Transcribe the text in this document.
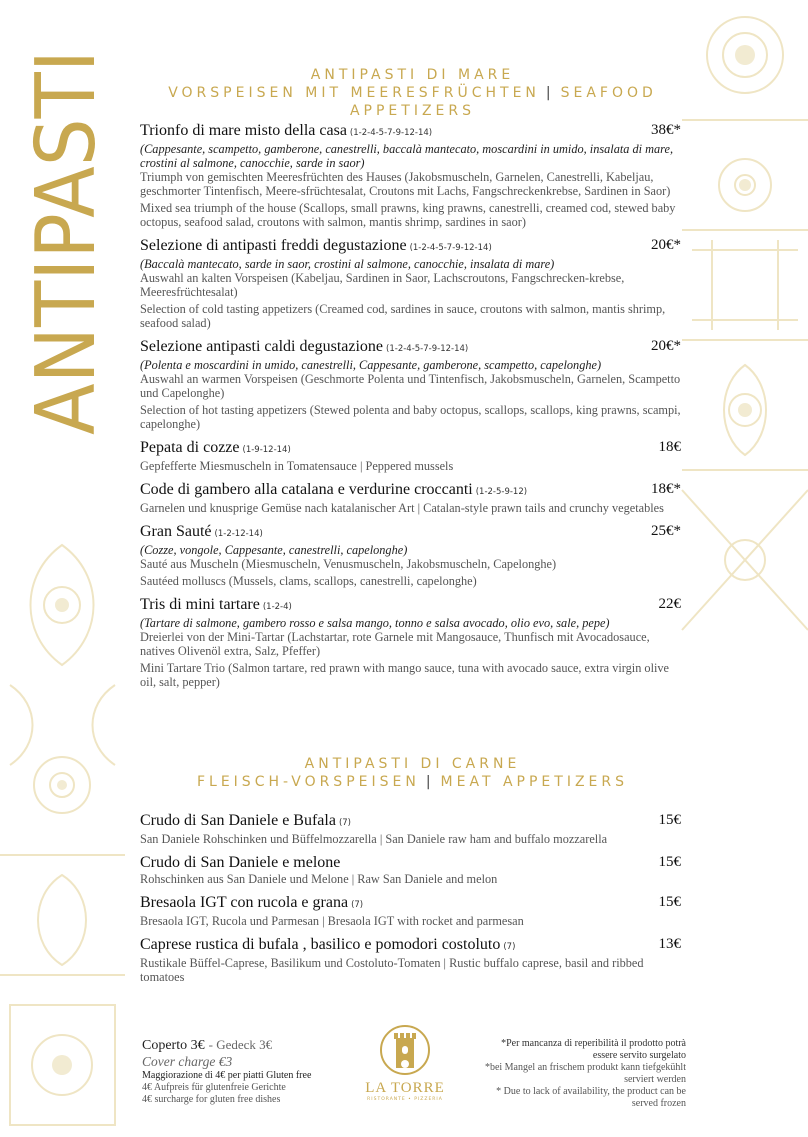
ANTIPASTI	ANTIPASTI DI MARE
VORSPEISEN MIT MEERESFRÜCHTEN | SEAFOOD APPETIZERS
Trionfo di mare misto della casa (1-2-4-5-7-9-12-14)	38€*
(Cappesante, scampetto, gamberone, canestrelli, baccalà mantecato, moscardini in umido, insalata di mare, crostini al salmone, canocchie, sarde in saor)
Triumph von gemischten Meeresfrüchten des Hauses (Jakobsmuscheln, Garnelen, Canestrelli, Kabeljau, geschmorter Tintenfisch, Meere-sfrüchtesalat, Croutons mit Lachs, Fangschreckenkrebse, Sardinen in Saor)
Mixed sea triumph of the house (Scallops, small prawns, king prawns, canestrelli, creamed cod, stewed baby octopus, seafood salad, croutons with salmon, mantis shrimp, sardines in saor)
Selezione di antipasti freddi degustazione (1-2-4-5-7-9-12-14)	20€*
(Baccalà mantecato, sarde in saor, crostini al salmone, canocchie, insalata di mare)
Auswahl an kalten Vorspeisen (Kabeljau, Sardinen in Saor, Lachscroutons, Fangschrecken-krebse, Meeresfrüchtesalat)
Selection of cold tasting appetizers (Creamed cod, sardines in sauce, croutons with salmon, mantis shrimp, seafood salad)
Selezione antipasti caldi degustazione (1-2-4-5-7-9-12-14)	20€*
(Polenta e moscardini in umido, canestrelli, Cappesante, gamberone, scampetto, capelonghe)
Auswahl an warmen Vorspeisen (Geschmorte Polenta und Tintenfisch, Jakobsmuscheln, Garnelen, Scampetto und Capelonghe)
Selection of hot tasting appetizers (Stewed polenta and baby octopus, scallops, scallops, king prawns, scampi, capelonghe)
Pepata di cozze (1-9-12-14)	18€
Gepfefferte Miesmuscheln in Tomatensauce | Peppered mussels
Code di gambero alla catalana e verdurine croccanti (1-2-5-9-12)	18€*
Garnelen und knusprige Gemüse nach katalanischer Art | Catalan-style prawn tails and crunchy vegetables
Gran Sauté (1-2-12-14)	25€*
(Cozze, vongole, Cappesante, canestrelli, capelonghe)
Sauté aus Muscheln (Miesmuscheln, Venusmuscheln, Jakobsmuscheln, Capelonghe)
Sautéed molluscs (Mussels, clams, scallops, canestrelli, capelonghe)
Tris di mini tartare (1-2-4)	22€
(Tartare di salmone, gambero rosso e salsa mango, tonno e salsa avocado, olio evo, sale, pepe)
Dreierlei von der Mini-Tartar (Lachstartar, rote Garnele mit Mangosauce, Thunfisch mit Avocadosauce, natives Olivenöl extra, Salz, Pfeffer)
Mini Tartare Trio (Salmon tartare, red prawn with mango sauce, tuna with avocado sauce, extra virgin olive oil, salt, pepper)
ANTIPASTI DI CARNE
FLEISCH-VORSPEISEN | MEAT APPETIZERS
Crudo di San Daniele e Bufala (7)	15€
San Daniele Rohschinken und Büffelmozzarella | San Daniele raw ham and buffalo mozzarella
Crudo di San Daniele e melone	15€
Rohschinken aus San Daniele und Melone | Raw San Daniele and melon
Bresaola IGT con rucola e grana (7)	15€
Bresaola IGT, Rucola und Parmesan | Bresaola IGT with rocket and parmesan
Caprese rustica di bufala , basilico e pomodori costoluto (7)	13€
Rustikale Büffel-Caprese, Basilikum und Costoluto-Tomaten | Rustic buffalo caprese, basil and ribbed tomatoes
Coperto 3€ - Gedeck 3€
Cover charge €3
Maggiorazione di 4€ per piatti Gluten free
4€ Aufpreis für glutenfreie Gerichte
4€ surcharge for gluten free dishes
LA TORRE
RISTORANTE • PIZZERIA
*Per mancanza di reperibilità il prodotto potrà essere servito surgelato
*bei Mangel an frischem produkt kann tiefgekühlt serviert werden
* Due to lack of availability, the product can be served frozen
